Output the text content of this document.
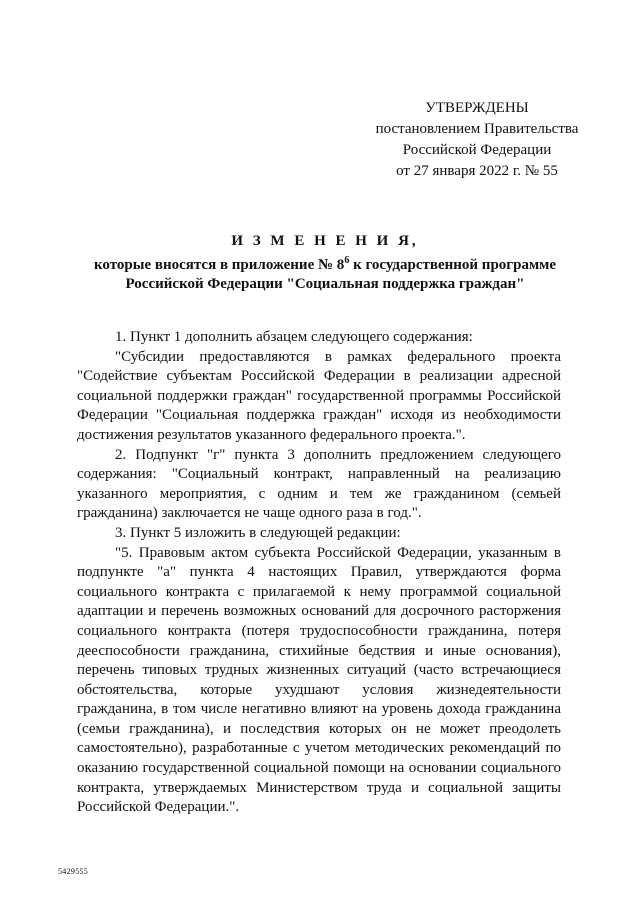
УТВЕРЖДЕНЫ
постановлением Правительства
Российской Федерации
от 27 января 2022 г. № 55
И З М Е Н Е Н И Я,
которые вносятся в приложение № $8^6$ к государственной программе
Российской Федерации "Социальная поддержка граждан"

1. Пункт 1 дополнить абзацем следующего содержания:

"Субсидии предоставляются в рамках федерального проекта "Содействие субъектам Российской Федерации в реализации адресной социальной поддержки граждан" государственной программы Российской Федерации "Социальная поддержка граждан" исходя из необходимости достижения результатов указанного федерального проекта.".

2. Подпункт "г" пункта 3 дополнить предложением следующего содержания: "Социальный контракт, направленный на реализацию указанного мероприятия, с одним и тем же гражданином (семьей гражданина) заключается не чаще одного раза в год.".

3. Пункт 5 изложить в следующей редакции:

"5. Правовым актом субъекта Российской Федерации, указанным в подпункте "а" пункта 4 настоящих Правил, утверждаются форма социального контракта с прилагаемой к нему программой социальной адаптации и перечень возможных оснований для досрочного расторжения социального контракта (потеря трудоспособности гражданина, потеря дееспособности гражданина, стихийные бедствия и иные основания), перечень типовых трудных жизненных ситуаций (часто встречающиеся обстоятельства, которые ухудшают условия жизнедеятельности гражданина, в том числе негативно влияют на уровень дохода гражданина (семьи гражданина), и последствия которых он не может преодолеть самостоятельно), разработанные с учетом методических рекомендаций по оказанию государственной социальной помощи на основании социального контракта, утверждаемых Министерством труда и социальной защиты Российской Федерации.".

5429555
